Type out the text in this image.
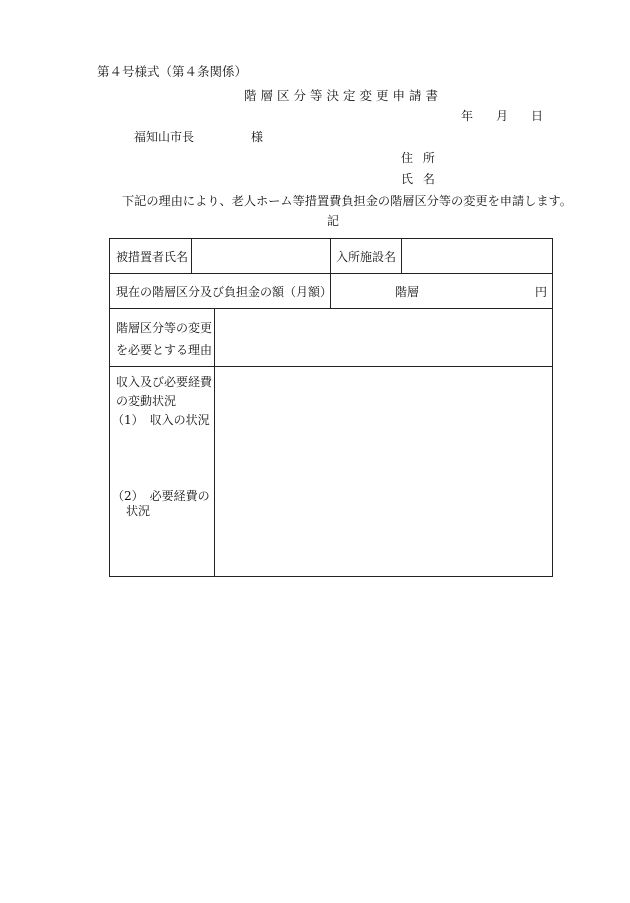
第４号様式（第４条関係）
階層区分等決定変更申請書
年 月 日
福知山市長	様
住 所
氏 名
下記の理由により、老人ホーム等措置費負担金の階層区分等の変更を申請します。
記
被措置者氏名	入所施設名
現在の階層区分及び負担金の額（月額）	階層	円
階層区分等の変更
を必要とする理由
収入及び必要経費
の変動状況
（1）　収入の状況
（2）　必要経費の
状況
